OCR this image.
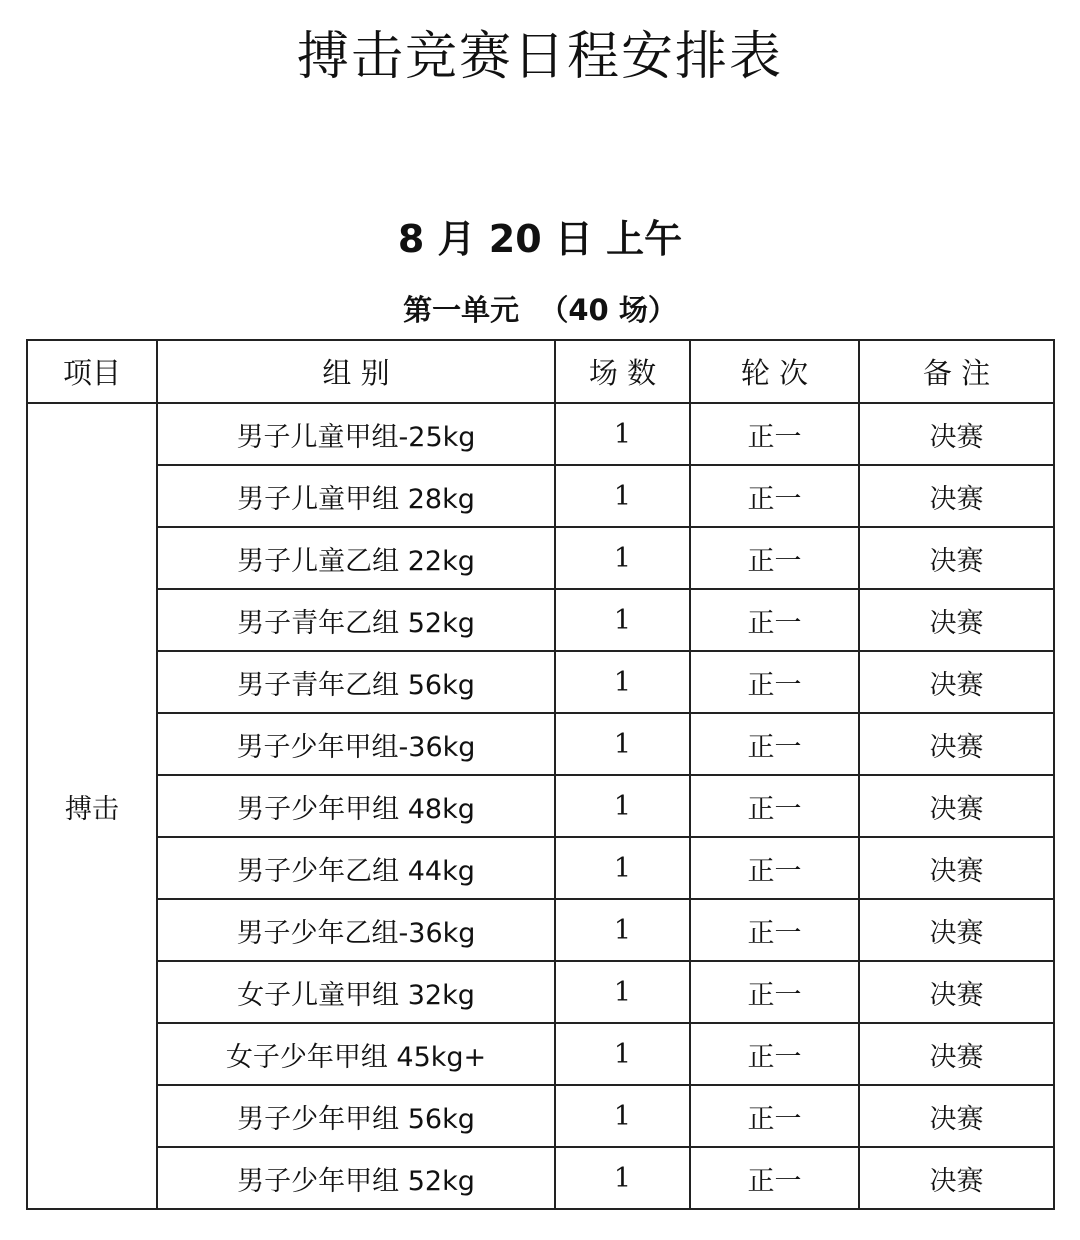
搏击竞赛日程安排表
8 月 20 日 上午
第一单元  （40 场）
项目	组 别	场 数	轮 次	备 注
搏击	男子儿童甲组-25kg	1	正一	决赛
	男子儿童甲组 28kg	1	正一	决赛
	男子儿童乙组 22kg	1	正一	决赛
	男子青年乙组 52kg	1	正一	决赛
	男子青年乙组 56kg	1	正一	决赛
	男子少年甲组-36kg	1	正一	决赛
	男子少年甲组 48kg	1	正一	决赛
	男子少年乙组 44kg	1	正一	决赛
	男子少年乙组-36kg	1	正一	决赛
	女子儿童甲组 32kg	1	正一	决赛
	女子少年甲组 45kg+	1	正一	决赛
	男子少年甲组 56kg	1	正一	决赛
	男子少年甲组 52kg	1	正一	决赛
